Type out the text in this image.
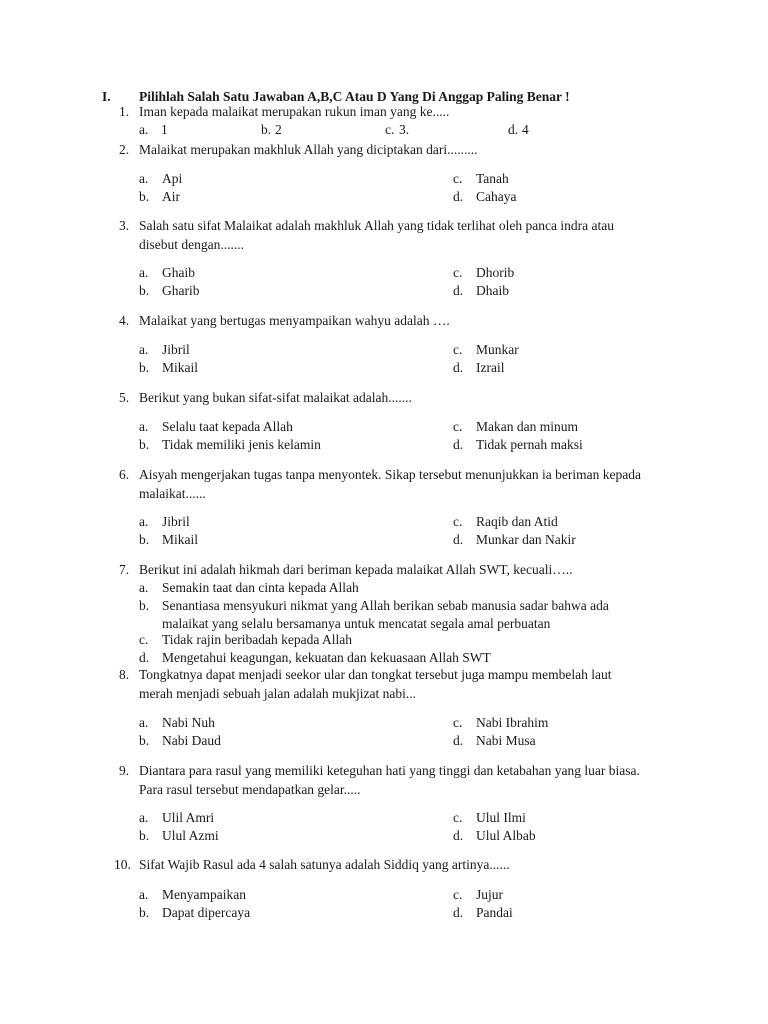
I. Pilihlah Salah Satu Jawaban A,B,C Atau D Yang Di Anggap Paling Benar !
1. Iman kepada malaikat merupakan rukun iman yang ke.....
a. 1	b. 2	c. 3.	d. 4
2. Malaikat merupakan makhluk Allah yang diciptakan dari.........
a. Api
b. Air
c. Tanah
d. Cahaya
3. Salah satu sifat Malaikat adalah makhluk Allah yang tidak terlihat oleh panca indra atau
disebut dengan.......
a. Ghaib
b. Gharib
c. Dhorib
d. Dhaib
4. Malaikat yang bertugas menyampaikan wahyu adalah ….
a. Jibril
b. Mikail
c. Munkar
d. Izrail
5. Berikut yang bukan sifat-sifat malaikat adalah.......
a. Selalu taat kepada Allah
b. Tidak memiliki jenis kelamin
c. Makan dan minum
d. Tidak pernah maksi
6. Aisyah mengerjakan tugas tanpa menyontek. Sikap tersebut menunjukkan ia beriman kepada
malaikat......
a. Jibril
b. Mikail
c. Raqib dan Atid
d. Munkar dan Nakir
7. Berikut ini adalah hikmah dari beriman kepada malaikat Allah SWT, kecuali…..
a. Semakin taat dan cinta kepada Allah
b. Senantiasa mensyukuri nikmat yang Allah berikan sebab manusia sadar bahwa ada
malaikat yang selalu bersamanya untuk mencatat segala amal perbuatan
c. Tidak rajin beribadah kepada Allah
d. Mengetahui keagungan, kekuatan dan kekuasaan Allah SWT
8. Tongkatnya dapat menjadi seekor ular dan tongkat tersebut juga mampu membelah laut
merah menjadi sebuah jalan adalah mukjizat nabi...
a. Nabi Nuh
b. Nabi Daud
c. Nabi Ibrahim
d. Nabi Musa
9. Diantara para rasul yang memiliki keteguhan hati yang tinggi dan ketabahan yang luar biasa.
Para rasul tersebut mendapatkan gelar.....
a. Ulil Amri
b. Ulul Azmi
c. Ulul Ilmi
d. Ulul Albab
10. Sifat Wajib Rasul ada 4 salah satunya adalah Siddiq yang artinya......
a. Menyampaikan
b. Dapat dipercaya
c. Jujur
d. Pandai
